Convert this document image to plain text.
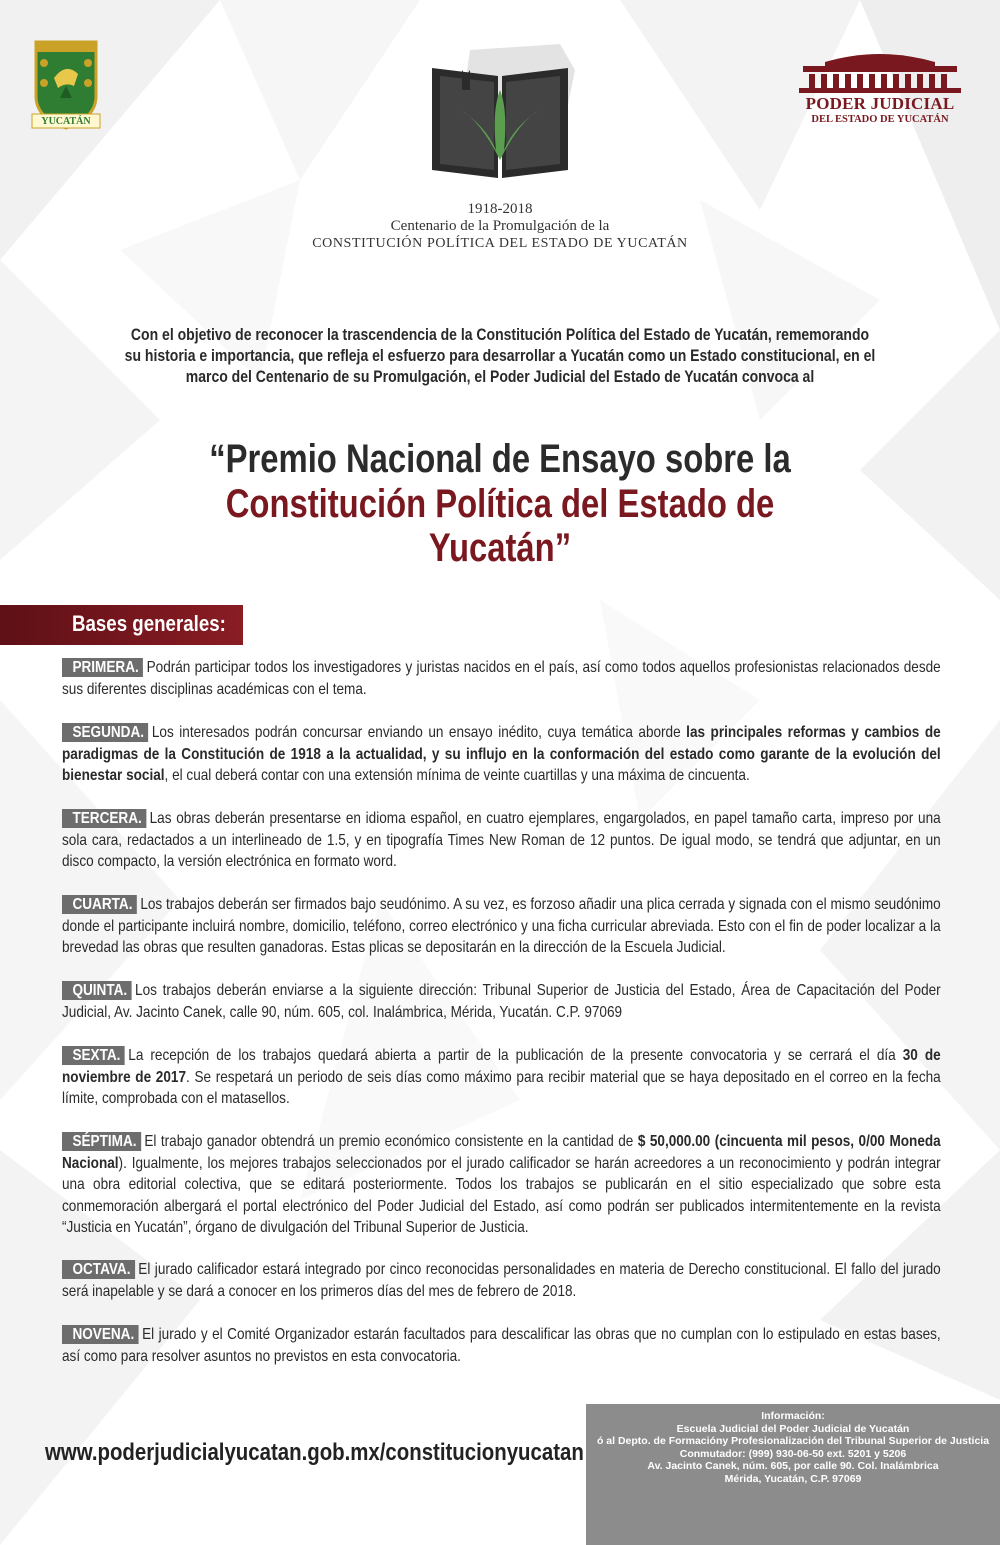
YUCATÁN
PODER JUDICIAL
DEL ESTADO DE YUCATÁN
1918-2018
Centenario de la Promulgación de la
CONSTITUCIÓN POLÍTICA DEL ESTADO DE YUCATÁN
Con el objetivo de reconocer la trascendencia de la Constitución Política del Estado de Yucatán, rememorando su historia e importancia, que refleja el esfuerzo para desarrollar a Yucatán como un Estado constitucional, en el marco del Centenario de su Promulgación, el Poder Judicial del Estado de Yucatán convoca al
“Premio Nacional de Ensayo sobre la
Constitución Política del Estado de Yucatán”
Bases generales:
PRIMERA. Podrán participar todos los investigadores y juristas nacidos en el país, así como todos aquellos profesionistas relacionados desde sus diferentes disciplinas académicas con el tema.
SEGUNDA. Los interesados podrán concursar enviando un ensayo inédito, cuya temática aborde las principales reformas y cambios de paradigmas de la Constitución de 1918 a la actualidad, y su influjo en la conformación del estado como garante de la evolución del bienestar social, el cual deberá contar con una extensión mínima de veinte cuartillas y una máxima de cincuenta.
TERCERA. Las obras deberán presentarse en idioma español, en cuatro ejemplares, engargolados, en papel tamaño carta, impreso por una sola cara, redactados a un interlineado de 1.5, y en tipografía Times New Roman de 12 puntos. De igual modo, se tendrá que adjuntar, en un disco compacto, la versión electrónica en formato word.
CUARTA. Los trabajos deberán ser firmados bajo seudónimo. A su vez, es forzoso añadir una plica cerrada y signada con el mismo seudónimo donde el participante incluirá nombre, domicilio, teléfono, correo electrónico y una ficha curricular abreviada. Esto con el fin de poder localizar a la brevedad las obras que resulten ganadoras. Estas plicas se depositarán en la dirección de la Escuela Judicial.
QUINTA. Los trabajos deberán enviarse a la siguiente dirección: Tribunal Superior de Justicia del Estado, Área de Capacitación del Poder Judicial, Av. Jacinto Canek, calle 90, núm. 605, col. Inalámbrica, Mérida, Yucatán. C.P. 97069
SEXTA. La recepción de los trabajos quedará abierta a partir de la publicación de la presente convocatoria y se cerrará el día 30 de noviembre de 2017. Se respetará un periodo de seis días como máximo para recibir material que se haya depositado en el correo en la fecha límite, comprobada con el matasellos.
SÉPTIMA. El trabajo ganador obtendrá un premio económico consistente en la cantidad de $ 50,000.00 (cincuenta mil pesos, 0/00 Moneda Nacional). Igualmente, los mejores trabajos seleccionados por el jurado calificador se harán acreedores a un reconocimiento y podrán integrar una obra editorial colectiva, que se editará posteriormente. Todos los trabajos se publicarán en el sitio especializado que sobre esta conmemoración albergará el portal electrónico del Poder Judicial del Estado, así como podrán ser publicados intermitentemente en la revista “Justicia en Yucatán”, órgano de divulgación del Tribunal Superior de Justicia.
OCTAVA. El jurado calificador estará integrado por cinco reconocidas personalidades en materia de Derecho constitucional. El fallo del jurado será inapelable y se dará a conocer en los primeros días del mes de febrero de 2018.
NOVENA. El jurado y el Comité Organizador estarán facultados para descalificar las obras que no cumplan con lo estipulado en estas bases, así como para resolver asuntos no previstos en esta convocatoria.
www.poderjudicialyucatan.gob.mx/constitucionyucatan
Información:
Escuela Judicial del Poder Judicial de Yucatán
ó al Depto. de Formacióny Profesionalización del Tribunal Superior de Justicia
Conmutador: (999) 930-06-50 ext. 5201 y 5206
Av. Jacinto Canek, núm. 605, por calle 90. Col. Inalámbrica
Mérida, Yucatán, C.P. 97069
